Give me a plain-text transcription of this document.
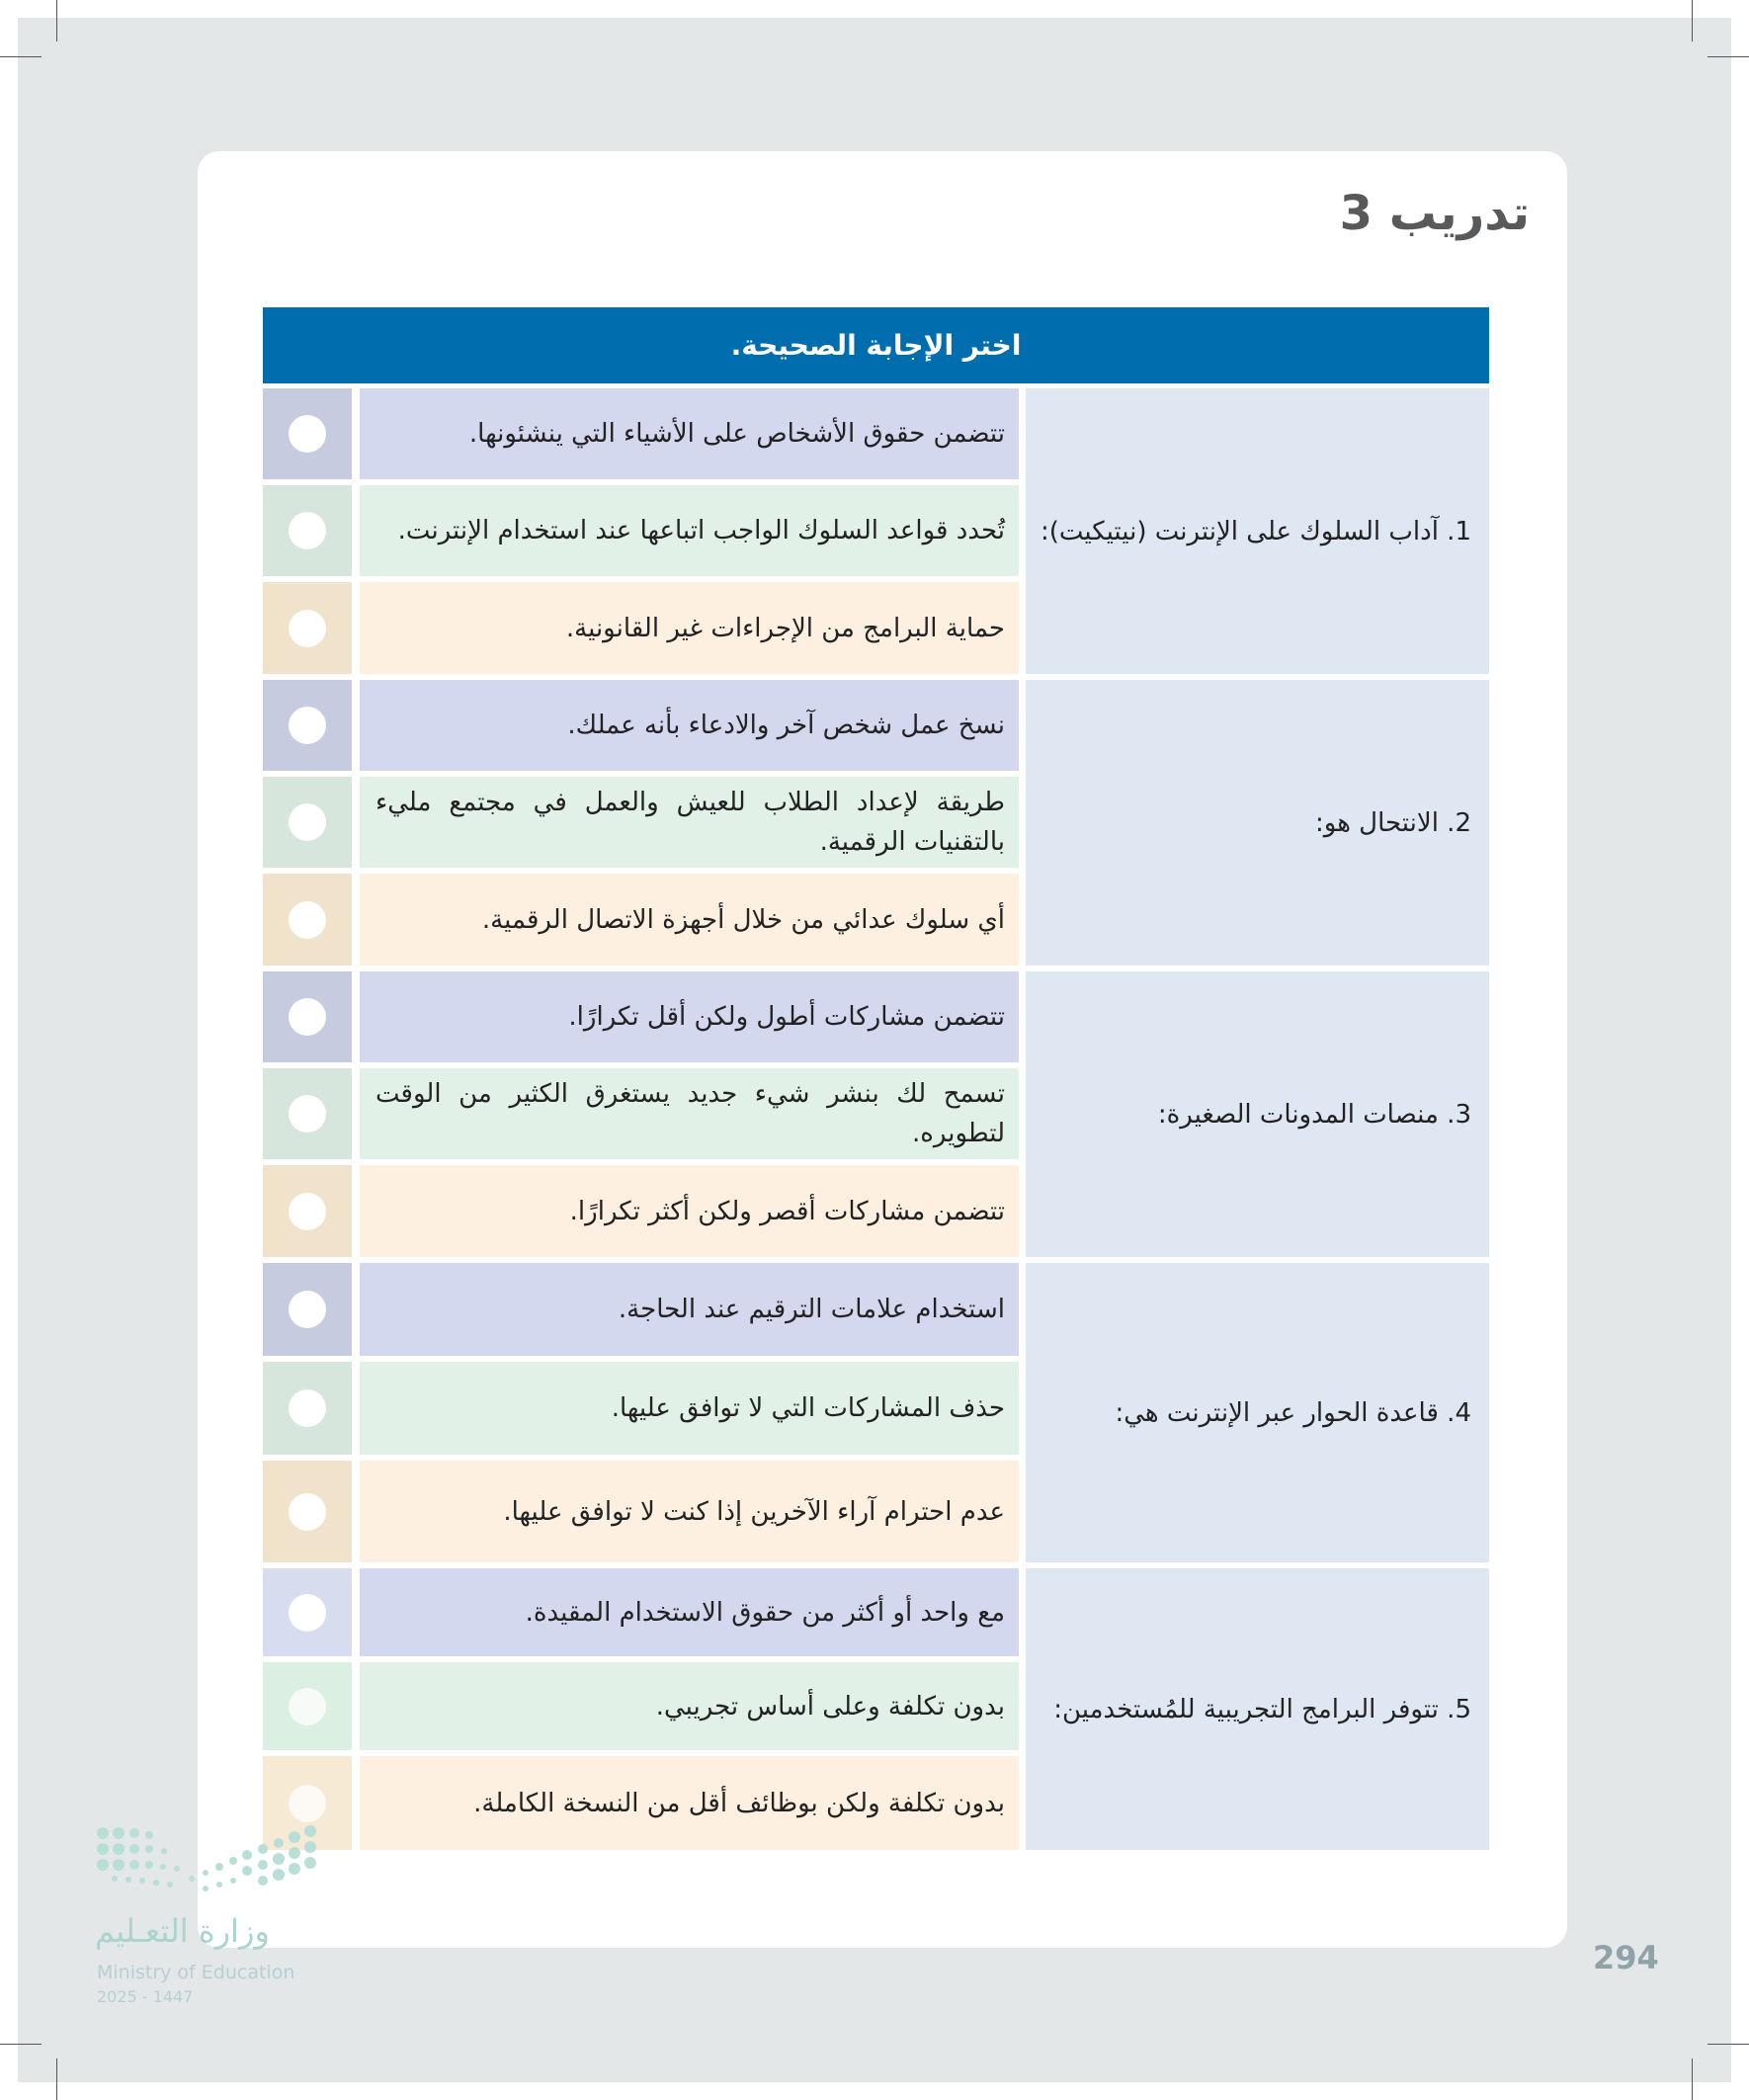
تدريب 3
اختر الإجابة الصحيحة.
1. آداب السلوك على الإنترنت (نيتيكيت):
تتضمن حقوق الأشخاص على الأشياء التي ينشئونها.
تُحدد قواعد السلوك الواجب اتباعها عند استخدام الإنترنت.
حماية البرامج من الإجراءات غير القانونية.
2. الانتحال هو:
نسخ عمل شخص آخر والادعاء بأنه عملك.
طريقة لإعداد الطلاب للعيش والعمل في مجتمع مليء بالتقنيات الرقمية.
أي سلوك عدائي من خلال أجهزة الاتصال الرقمية.
3. منصات المدونات الصغيرة:
تتضمن مشاركات أطول ولكن أقل تكرارًا.
تسمح لك بنشر شيء جديد يستغرق الكثير من الوقت لتطويره.
تتضمن مشاركات أقصر ولكن أكثر تكرارًا.
4. قاعدة الحوار عبر الإنترنت هي:
استخدام علامات الترقيم عند الحاجة.
حذف المشاركات التي لا توافق عليها.
عدم احترام آراء الآخرين إذا كنت لا توافق عليها.
5. تتوفر البرامج التجريبية للمُستخدمين:
مع واحد أو أكثر من حقوق الاستخدام المقيدة.
بدون تكلفة وعلى أساس تجريبي.
بدون تكلفة ولكن بوظائف أقل من النسخة الكاملة.
وزارة التعـليم
Ministry of Education
2025 - 1447
294
